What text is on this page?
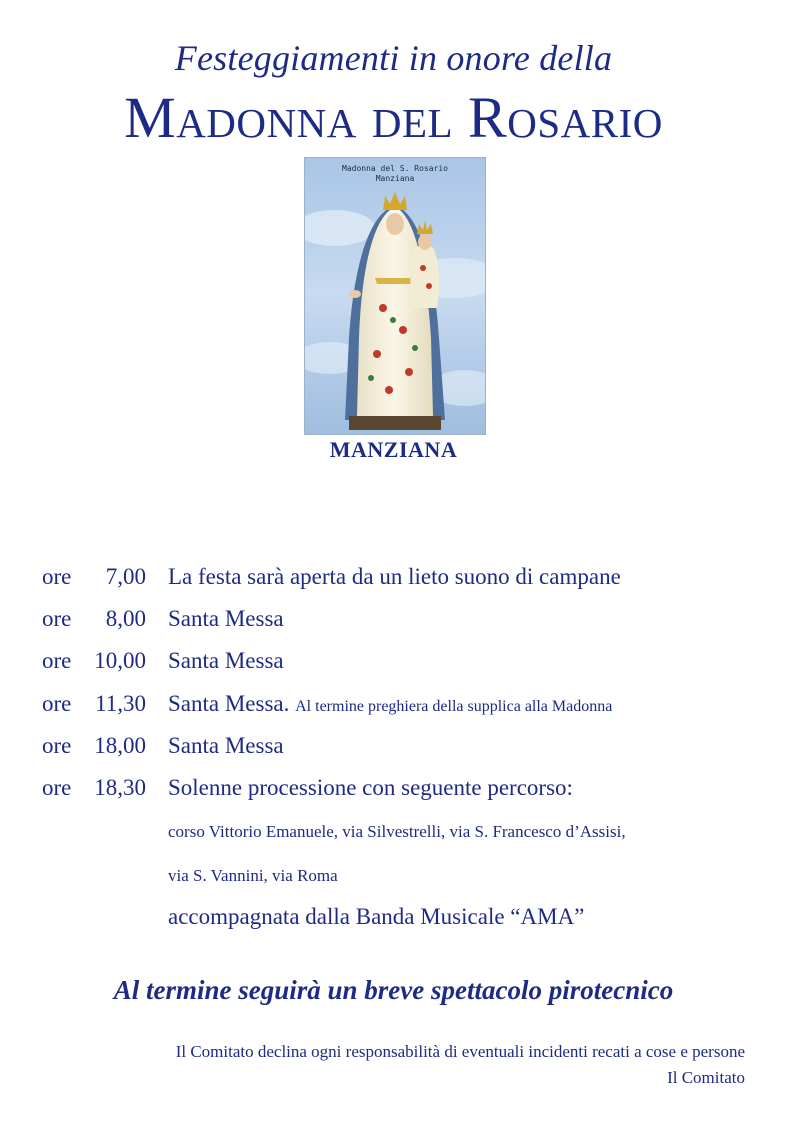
Festeggiamenti in onore della
Madonna del Rosario
Madonna del S. Rosario
Manziana
MANZIANA
ore	7,00 La festa sarà aperta da un lieto suono di campane
ore	8,00 Santa Messa
ore 10,00 Santa Messa
ore	11,30 Santa Messa. Al termine preghiera della supplica alla Madonna
ore 18,00 Santa Messa
ore 18,30 Solenne processione con seguente percorso:
corso Vittorio Emanuele, via Silvestrelli, via S. Francesco d’Assisi,
via S. Vannini, via Roma
accompagnata dalla Banda Musicale “AMA”
Al termine seguirà un breve spettacolo pirotecnico
Il Comitato declina ogni responsabilità di eventuali incidenti recati a cose e persone
Il Comitato
